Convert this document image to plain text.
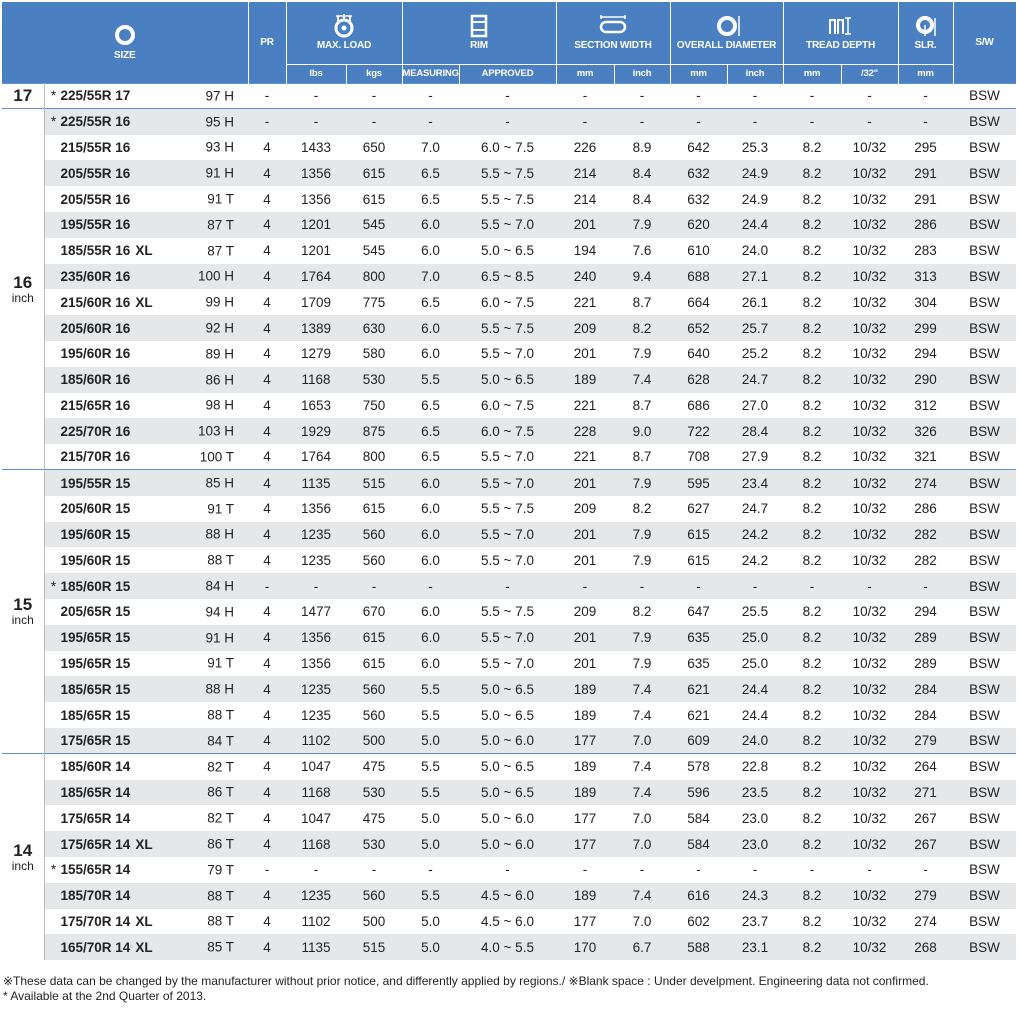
SIZE		PR	MAX. LOAD		RIM		SECTION WIDTH		OVERALL DIAMETER		TREAD DEPTH		SLR.	S/W
			lbs	kgs	MEASURING	APPROVED	mm	inch	mm	inch	mm	/32"	mm	

17	* 225/55R 17 97 H	-	-	-	-	-	-	-	-	-	-	-	-	BSW

16
inch	* 225/55R 16 95 H	-	-	-	-	-	-	-	-	-	-	-	-	BSW
	215/55R 16 93 H	4	1433	650	7.0	6.0 ~ 7.5	226	8.9	642	25.3	8.2	10/32	295	BSW
	205/55R 16 91 H	4	1356	615	6.5	5.5 ~ 7.5	214	8.4	632	24.9	8.2	10/32	291	BSW
	205/55R 16 91 T	4	1356	615	6.5	5.5 ~ 7.5	214	8.4	632	24.9	8.2	10/32	291	BSW
	195/55R 16 87 T	4	1201	545	6.0	5.5 ~ 7.0	201	7.9	620	24.4	8.2	10/32	286	BSW
	185/55R 16 XL 87 T	4	1201	545	6.0	5.0 ~ 6.5	194	7.6	610	24.0	8.2	10/32	283	BSW
	235/60R 16 100 H	4	1764	800	7.0	6.5 ~ 8.5	240	9.4	688	27.1	8.2	10/32	313	BSW
	215/60R 16 XL 99 H	4	1709	775	6.5	6.0 ~ 7.5	221	8.7	664	26.1	8.2	10/32	304	BSW
	205/60R 16 92 H	4	1389	630	6.0	5.5 ~ 7.5	209	8.2	652	25.7	8.2	10/32	299	BSW
	195/60R 16 89 H	4	1279	580	6.0	5.5 ~ 7.0	201	7.9	640	25.2	8.2	10/32	294	BSW
	185/60R 16 86 H	4	1168	530	5.5	5.0 ~ 6.5	189	7.4	628	24.7	8.2	10/32	290	BSW
	215/65R 16 98 H	4	1653	750	6.5	6.0 ~ 7.5	221	8.7	686	27.0	8.2	10/32	312	BSW
	225/70R 16 103 H	4	1929	875	6.5	6.0 ~ 7.5	228	9.0	722	28.4	8.2	10/32	326	BSW
	215/70R 16 100 T	4	1764	800	6.5	5.5 ~ 7.0	221	8.7	708	27.9	8.2	10/32	321	BSW

15
inch	195/55R 15 85 H	4	1135	515	6.0	5.5 ~ 7.0	201	7.9	595	23.4	8.2	10/32	274	BSW
	205/60R 15 91 T	4	1356	615	6.0	5.5 ~ 7.5	209	8.2	627	24.7	8.2	10/32	286	BSW
	195/60R 15 88 H	4	1235	560	6.0	5.5 ~ 7.0	201	7.9	615	24.2	8.2	10/32	282	BSW
	195/60R 15 88 T	4	1235	560	6.0	5.5 ~ 7.0	201	7.9	615	24.2	8.2	10/32	282	BSW
	* 185/60R 15 84 H	-	-	-	-	-	-	-	-	-	-	-	-	BSW
	205/65R 15 94 H	4	1477	670	6.0	5.5 ~ 7.5	209	8.2	647	25.5	8.2	10/32	294	BSW
	195/65R 15 91 H	4	1356	615	6.0	5.5 ~ 7.0	201	7.9	635	25.0	8.2	10/32	289	BSW
	195/65R 15 91 T	4	1356	615	6.0	5.5 ~ 7.0	201	7.9	635	25.0	8.2	10/32	289	BSW
	185/65R 15 88 H	4	1235	560	5.5	5.0 ~ 6.5	189	7.4	621	24.4	8.2	10/32	284	BSW
	185/65R 15 88 T	4	1235	560	5.5	5.0 ~ 6.5	189	7.4	621	24.4	8.2	10/32	284	BSW
	175/65R 15 84 T	4	1102	500	5.0	5.0 ~ 6.0	177	7.0	609	24.0	8.2	10/32	279	BSW

14
inch	185/60R 14 82 T	4	1047	475	5.5	5.0 ~ 6.5	189	7.4	578	22.8	8.2	10/32	264	BSW
	185/65R 14 86 T	4	1168	530	5.5	5.0 ~ 6.5	189	7.4	596	23.5	8.2	10/32	271	BSW
	175/65R 14 82 T	4	1047	475	5.0	5.0 ~ 6.0	177	7.0	584	23.0	8.2	10/32	267	BSW
	175/65R 14 XL 86 T	4	1168	530	5.0	5.0 ~ 6.0	177	7.0	584	23.0	8.2	10/32	267	BSW
	* 155/65R 14 79 T	-	-	-	-	-	-	-	-	-	-	-	-	BSW
	185/70R 14 88 T	4	1235	560	5.5	4.5 ~ 6.0	189	7.4	616	24.3	8.2	10/32	279	BSW
	175/70R 14 XL 88 T	4	1102	500	5.0	4.5 ~ 6.0	177	7.0	602	23.7	8.2	10/32	274	BSW
	165/70R 14 XL 85 T	4	1135	515	5.0	4.0 ~ 5.5	170	6.7	588	23.1	8.2	10/32	268	BSW
※These data can be changed by the manufacturer without prior notice, and differently applied by regions./ ※Blank space : Under develpment. Engineering data not confirmed.
* Available at the 2nd Quarter of 2013.
